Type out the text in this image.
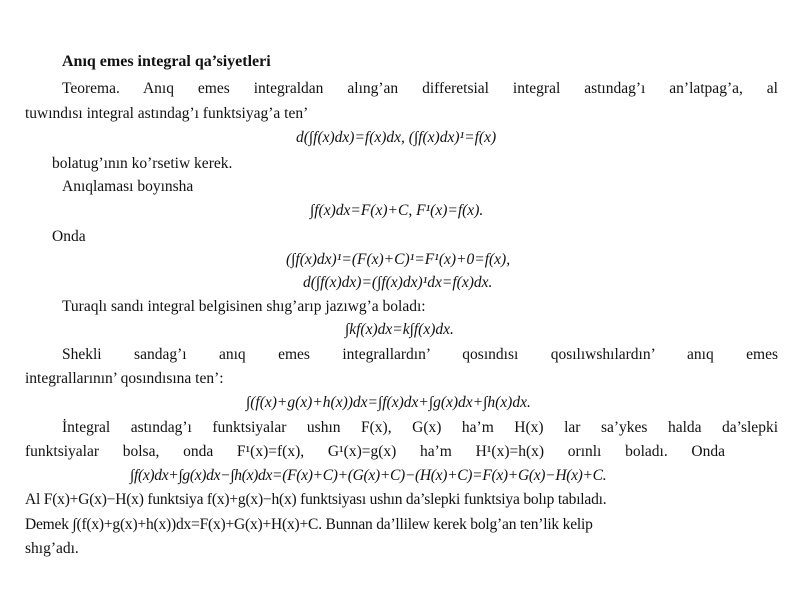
Anıq emes integral qa’siyetleri
Teorema. Anıq emes integraldan alıng’an differetsial integral astındag’ı an’latpag’a, al
tuwındısı integral astındag’ı funktsiyag’a ten’
d(∫f(x)dx)=f(x)dx, (∫f(x)dx)¹=f(x)
bolatug’ının ko’rsetiw kerek.
Anıqlaması boyınsha
∫f(x)dx=F(x)+C, F¹(x)=f(x).
Onda
(∫f(x)dx)¹=(F(x)+C)¹=F¹(x)+0=f(x),
d(∫f(x)dx)=(∫f(x)dx)¹dx=f(x)dx.
Turaqlı sandı integral belgisinen shıg’arıp jazıwg’a boladı:
∫kf(x)dx=k∫f(x)dx.
Shekli sandag’ı anıq emes integrallardın’ qosındısı qosılıwshılardın’ anıq emes
integrallarının’ qosındısına ten’:
∫(f(x)+g(x)+h(x))dx=∫f(x)dx+∫g(x)dx+∫h(x)dx.
İntegral astındag’ı funktsiyalar ushın F(x), G(x) ha’m H(x) lar sa’ykes halda da’slepki
funktsiyalar bolsa, onda F¹(x)=f(x), G¹(x)=g(x) ha’m H¹(x)=h(x) orınlı boladı. Onda
∫f(x)dx+∫g(x)dx−∫h(x)dx=(F(x)+C)+(G(x)+C)−(H(x)+C)=F(x)+G(x)−H(x)+C.
Al F(x)+G(x)−H(x) funktsiya f(x)+g(x)−h(x) funktsiyası ushın da’slepki funktsiya bolıp tabıladı.
Demek ∫(f(x)+g(x)+h(x))dx=F(x)+G(x)+H(x)+C. Bunnan da’llilew kerek bolg’an ten’lik kelip
shıg’adı.
